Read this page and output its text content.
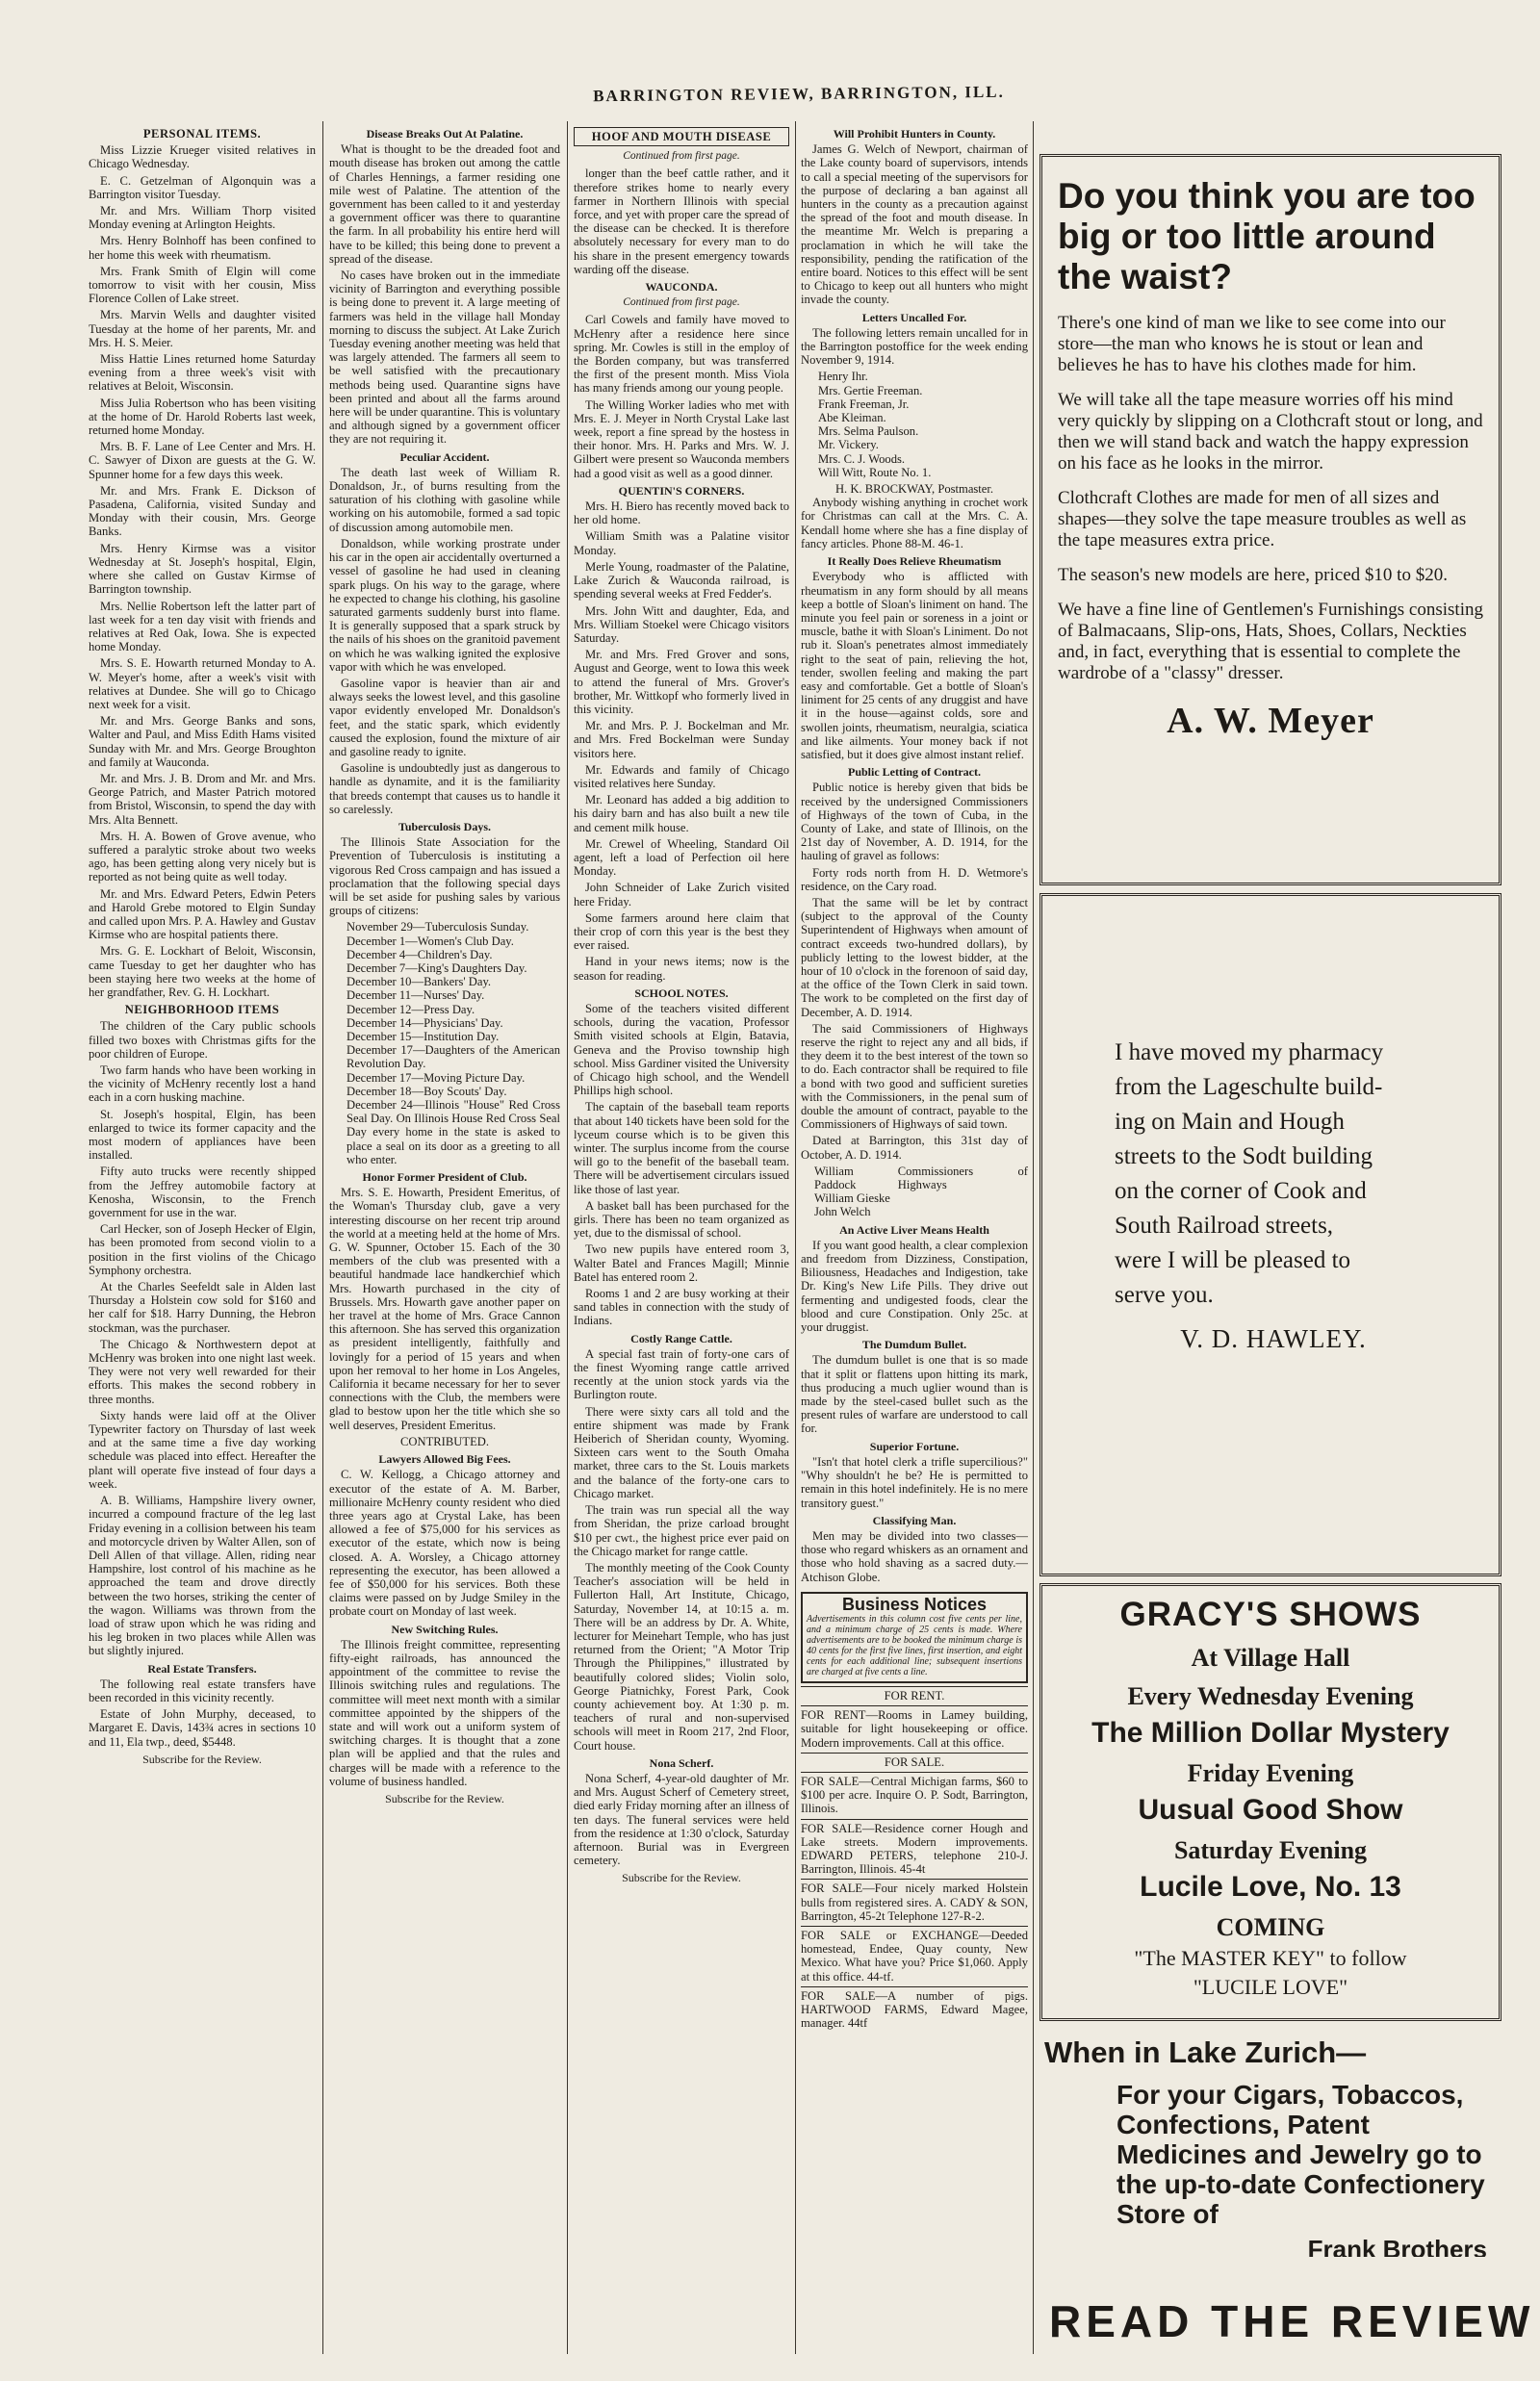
BARRINGTON REVIEW, BARRINGTON, ILL.
PERSONAL ITEMS.

Miss Lizzie Krueger visited relatives in Chicago Wednesday.

E. C. Getzelman of Algonquin was a Barrington visitor Tuesday.

Mr. and Mrs. William Thorp visited Monday evening at Arlington Heights.

Mrs. Henry Bolnhoff has been confined to her home this week with rheumatism.

Mrs. Frank Smith of Elgin will come tomorrow to visit with her cousin, Miss Florence Collen of Lake street.

Mrs. Marvin Wells and daughter visited Tuesday at the home of her parents, Mr. and Mrs. H. S. Meier.

Miss Hattie Lines returned home Saturday evening from a three week's visit with relatives at Beloit, Wisconsin.

Miss Julia Robertson who has been visiting at the home of Dr. Harold Roberts last week, returned home Monday.

Mrs. B. F. Lane of Lee Center and Mrs. H. C. Sawyer of Dixon are guests at the G. W. Spunner home for a few days this week.

Mr. and Mrs. Frank E. Dickson of Pasadena, California, visited Sunday and Monday with their cousin, Mrs. George Banks.

Mrs. Henry Kirmse was a visitor Wednesday at St. Joseph's hospital, Elgin, where she called on Gustav Kirmse of Barrington township.

Mrs. Nellie Robertson left the latter part of last week for a ten day visit with friends and relatives at Red Oak, Iowa. She is expected home Monday.

Mrs. S. E. Howarth returned Monday to A. W. Meyer's home, after a week's visit with relatives at Dundee. She will go to Chicago next week for a visit.

Mr. and Mrs. George Banks and sons, Walter and Paul, and Miss Edith Hams visited Sunday with Mr. and Mrs. George Broughton and family at Wauconda.

Mr. and Mrs. J. B. Drom and Mr. and Mrs. George Patrich, and Master Patrich motored from Bristol, Wisconsin, to spend the day with Mrs. Alta Bennett.

Mrs. H. A. Bowen of Grove avenue, who suffered a paralytic stroke about two weeks ago, has been getting along very nicely but is reported as not being quite as well today.

Mr. and Mrs. Edward Peters, Edwin Peters and Harold Grebe motored to Elgin Sunday and called upon Mrs. P. A. Hawley and Gustav Kirmse who are hospital patients there.

Mrs. G. E. Lockhart of Beloit, Wisconsin, came Tuesday to get her daughter who has been staying here two weeks at the home of her grandfather, Rev. G. H. Lockhart.

NEIGHBORHOOD ITEMS

The children of the Cary public schools filled two boxes with Christmas gifts for the poor children of Europe.

Two farm hands who have been working in the vicinity of McHenry recently lost a hand each in a corn husking machine.

St. Joseph's hospital, Elgin, has been enlarged to twice its former capacity and the most modern of appliances have been installed.

Fifty auto trucks were recently shipped from the Jeffrey automobile factory at Kenosha, Wisconsin, to the French government for use in the war.

Carl Hecker, son of Joseph Hecker of Elgin, has been promoted from second violin to a position in the first violins of the Chicago Symphony orchestra.

At the Charles Seefeldt sale in Alden last Thursday a Holstein cow sold for $160 and her calf for $18. Harry Dunning, the Hebron stockman, was the purchaser.

The Chicago & Northwestern depot at McHenry was broken into one night last week. They were not very well rewarded for their efforts. This makes the second robbery in three months.

Sixty hands were laid off at the Oliver Typewriter factory on Thursday of last week and at the same time a five day working schedule was placed into effect. Hereafter the plant will operate five instead of four days a week.

A. B. Williams, Hampshire livery owner, incurred a compound fracture of the leg last Friday evening in a collision between his team and motorcycle driven by Walter Allen, son of Dell Allen of that village. Allen, riding near Hampshire, lost control of his machine as he approached the team and drove directly between the two horses, striking the center of the wagon. Williams was thrown from the load of straw upon which he was riding and his leg broken in two places while Allen was but slightly injured.

Real Estate Transfers.

The following real estate transfers have been recorded in this vicinity recently.

Estate of John Murphy, deceased, to Margaret E. Davis, 143¾ acres in sections 10 and 11, Ela twp., deed, $5448.

Subscribe for the Review.
Disease Breaks Out At Palatine.

What is thought to be the dreaded foot and mouth disease has broken out among the cattle of Charles Hennings, a farmer residing one mile west of Palatine. The attention of the government has been called to it and yesterday a government officer was there to quarantine the farm. In all probability his entire herd will have to be killed; this being done to prevent a spread of the disease.

No cases have broken out in the immediate vicinity of Barrington and everything possible is being done to prevent it. A large meeting of farmers was held in the village hall Monday morning to discuss the subject. At Lake Zurich Tuesday evening another meeting was held that was largely attended. The farmers all seem to be well satisfied with the precautionary methods being used. Quarantine signs have been printed and about all the farms around here will be under quarantine. This is voluntary and although signed by a government officer they are not requiring it.

Peculiar Accident.

The death last week of William R. Donaldson, Jr., of burns resulting from the saturation of his clothing with gasoline while working on his automobile, formed a sad topic of discussion among automobile men.

Donaldson, while working prostrate under his car in the open air accidentally overturned a vessel of gasoline he had used in cleaning spark plugs. On his way to the garage, where he expected to change his clothing, his gasoline saturated garments suddenly burst into flame. It is generally supposed that a spark struck by the nails of his shoes on the granitoid pavement on which he was walking ignited the explosive vapor with which he was enveloped.

Gasoline vapor is heavier than air and always seeks the lowest level, and this gasoline vapor evidently enveloped Mr. Donaldson's feet, and the static spark, which evidently caused the explosion, found the mixture of air and gasoline ready to ignite.

Gasoline is undoubtedly just as dangerous to handle as dynamite, and it is the familiarity that breeds contempt that causes us to handle it so carelessly.

Tuberculosis Days.

The Illinois State Association for the Prevention of Tuberculosis is instituting a vigorous Red Cross campaign and has issued a proclamation that the following special days will be set aside for pushing sales by various groups of citizens:

November 29—Tuberculosis Sunday.
December 1—Women's Club Day.
December 4—Children's Day.
December 7—King's Daughters Day.
December 10—Bankers' Day.
December 11—Nurses' Day.
December 12—Press Day.
December 14—Physicians' Day.
December 15—Institution Day.
December 17—Daughters of the American Revolution Day.
December 17—Moving Picture Day.
December 18—Boy Scouts' Day.
December 24—Illinois "House" Red Cross Seal Day. On Illinois House Red Cross Seal Day every home in the state is asked to place a seal on its door as a greeting to all who enter.
Honor Former President of Club.

Mrs. S. E. Howarth, President Emeritus, of the Woman's Thursday club, gave a very interesting discourse on her recent trip around the world at a meeting held at the home of Mrs. G. W. Spunner, October 15. Each of the 30 members of the club was presented with a beautiful handmade lace handkerchief which Mrs. Howarth purchased in the city of Brussels. Mrs. Howarth gave another paper on her travel at the home of Mrs. Grace Cannon this afternoon. She has served this organization as president intelligently, faithfully and lovingly for a period of 15 years and when upon her removal to her home in Los Angeles, California it became necessary for her to sever connections with the Club, the members were glad to bestow upon her the title which she so well deserves, President Emeritus.

CONTRIBUTED.
Lawyers Allowed Big Fees.

C. W. Kellogg, a Chicago attorney and executor of the estate of A. M. Barber, millionaire McHenry county resident who died three years ago at Crystal Lake, has been allowed a fee of $75,000 for his services as executor of the estate, which now is being closed. A. A. Worsley, a Chicago attorney representing the executor, has been allowed a fee of $50,000 for his services. Both these claims were passed on by Judge Smiley in the probate court on Monday of last week.

New Switching Rules.

The Illinois freight committee, representing fifty-eight railroads, has announced the appointment of the committee to revise the Illinois switching rules and regulations. The committee will meet next month with a similar committee appointed by the shippers of the state and will work out a uniform system of switching charges. It is thought that a zone plan will be applied and that the rules and charges will be made with a reference to the volume of business handled.

Subscribe for the Review.
HOOF AND MOUTH DISEASE
Continued from first page.

longer than the beef cattle rather, and it therefore strikes home to nearly every farmer in Northern Illinois with special force, and yet with proper care the spread of the disease can be checked. It is therefore absolutely necessary for every man to do his share in the present emergency towards warding off the disease.

WAUCONDA.
Continued from first page.

Carl Cowels and family have moved to McHenry after a residence here since spring. Mr. Cowles is still in the employ of the Borden company, but was transferred the first of the present month. Miss Viola has many friends among our young people.

The Willing Worker ladies who met with Mrs. E. J. Meyer in North Crystal Lake last week, report a fine spread by the hostess in their honor. Mrs. H. Parks and Mrs. W. J. Gilbert were present so Wauconda members had a good visit as well as a good dinner.

QUENTIN'S CORNERS.

Mrs. H. Biero has recently moved back to her old home.

William Smith was a Palatine visitor Monday.

Merle Young, roadmaster of the Palatine, Lake Zurich & Wauconda railroad, is spending several weeks at Fred Fedder's.

Mrs. John Witt and daughter, Eda, and Mrs. William Stoekel were Chicago visitors Saturday.

Mr. and Mrs. Fred Grover and sons, August and George, went to Iowa this week to attend the funeral of Mrs. Grover's brother, Mr. Wittkopf who formerly lived in this vicinity.

Mr. and Mrs. P. J. Bockelman and Mr. and Mrs. Fred Bockelman were Sunday visitors here.

Mr. Edwards and family of Chicago visited relatives here Sunday.

Mr. Leonard has added a big addition to his dairy barn and has also built a new tile and cement milk house.

Mr. Crewel of Wheeling, Standard Oil agent, left a load of Perfection oil here Monday.

John Schneider of Lake Zurich visited here Friday.

Some farmers around here claim that their crop of corn this year is the best they ever raised.

Hand in your news items; now is the season for reading.

SCHOOL NOTES.

Some of the teachers visited different schools, during the vacation, Professor Smith visited schools at Elgin, Batavia, Geneva and the Proviso township high school. Miss Gardiner visited the University of Chicago high school, and the Wendell Phillips high school.

The captain of the baseball team reports that about 140 tickets have been sold for the lyceum course which is to be given this winter. The surplus income from the course will go to the benefit of the baseball team. There will be advertisement circulars issued like those of last year.

A basket ball has been purchased for the girls. There has been no team organized as yet, due to the dismissal of school.

Two new pupils have entered room 3, Walter Batel and Frances Magill; Minnie Batel has entered room 2.

Rooms 1 and 2 are busy working at their sand tables in connection with the study of Indians.

Costly Range Cattle.

A special fast train of forty-one cars of the finest Wyoming range cattle arrived recently at the union stock yards via the Burlington route.

There were sixty cars all told and the entire shipment was made by Frank Heiberich of Sheridan county, Wyoming. Sixteen cars went to the South Omaha market, three cars to the St. Louis markets and the balance of the forty-one cars to Chicago market.

The train was run special all the way from Sheridan, the prize carload brought $10 per cwt., the highest price ever paid on the Chicago market for range cattle.

The monthly meeting of the Cook County Teacher's association will be held in Fullerton Hall, Art Institute, Chicago, Saturday, November 14, at 10:15 a. m. There will be an address by Dr. A. White, lecturer for Meinehart Temple, who has just returned from the Orient; "A Motor Trip Through the Philippines," illustrated by beautifully colored slides; Violin solo, George Piatnichky, Forest Park, Cook county achievement boy. At 1:30 p. m. teachers of rural and non-supervised schools will meet in Room 217, 2nd Floor, Court house.

Nona Scherf.

Nona Scherf, 4-year-old daughter of Mr. and Mrs. August Scherf of Cemetery street, died early Friday morning after an illness of ten days. The funeral services were held from the residence at 1:30 o'clock, Saturday afternoon. Burial was in Evergreen cemetery.

Subscribe for the Review.
Will Prohibit Hunters in County.

James G. Welch of Newport, chairman of the Lake county board of supervisors, intends to call a special meeting of the supervisors for the purpose of declaring a ban against all hunters in the county as a precaution against the spread of the foot and mouth disease. In the meantime Mr. Welch is preparing a proclamation in which he will take the responsibility, pending the ratification of the entire board. Notices to this effect will be sent to Chicago to keep out all hunters who might invade the county.

Letters Uncalled For.

The following letters remain uncalled for in the Barrington postoffice for the week ending November 9, 1914.

Henry Ihr.
Mrs. Gertie Freeman.
Frank Freeman, Jr.
Abe Kleiman.
Mrs. Selma Paulson.
Mr. Vickery.
Mrs. C. J. Woods.
Will Witt, Route No. 1.
H. K. BROCKWAY, Postmaster.

Anybody wishing anything in crochet work for Christmas can call at the Mrs. C. A. Kendall home where she has a fine display of fancy articles. Phone 88-M. 46-1.

It Really Does Relieve Rheumatism

Everybody who is afflicted with rheumatism in any form should by all means keep a bottle of Sloan's liniment on hand. The minute you feel pain or soreness in a joint or muscle, bathe it with Sloan's Liniment. Do not rub it. Sloan's penetrates almost immediately right to the seat of pain, relieving the hot, tender, swollen feeling and making the part easy and comfortable. Get a bottle of Sloan's liniment for 25 cents of any druggist and have it in the house—against colds, sore and swollen joints, rheumatism, neuralgia, sciatica and like ailments. Your money back if not satisfied, but it does give almost instant relief.

Public Letting of Contract.

Public notice is hereby given that bids be received by the undersigned Commissioners of Highways of the town of Cuba, in the County of Lake, and state of Illinois, on the 21st day of November, A. D. 1914, for the hauling of gravel as follows:

Forty rods north from H. D. Wetmore's residence, on the Cary road.

That the same will be let by contract (subject to the approval of the County Superintendent of Highways when amount of contract exceeds two-hundred dollars), by publicly letting to the lowest bidder, at the hour of 10 o'clock in the forenoon of said day, at the office of the Town Clerk in said town. The work to be completed on the first day of December, A. D. 1914.

The said Commissioners of Highways reserve the right to reject any and all bids, if they deem it to the best interest of the town so to do. Each contractor shall be required to file a bond with two good and sufficient sureties with the Commissioners, in the penal sum of double the amount of contract, payable to the Commissioners of Highways of said town.

Dated at Barrington, this 31st day of October, A. D. 1914.

William Paddock
William Gieske
John Welch
Commissioners of Highways
An Active Liver Means Health

If you want good health, a clear complexion and freedom from Dizziness, Constipation, Biliousness, Headaches and Indigestion, take Dr. King's New Life Pills. They drive out fermenting and undigested foods, clear the blood and cure Constipation. Only 25c. at your druggist.

The Dumdum Bullet.

The dumdum bullet is one that is so made that it split or flattens upon hitting its mark, thus producing a much uglier wound than is made by the steel-cased bullet such as the present rules of warfare are understood to call for.

Superior Fortune.

"Isn't that hotel clerk a trifle supercilious?" "Why shouldn't he be? He is permitted to remain in this hotel indefinitely. He is no mere transitory guest."

Classifying Man.

Men may be divided into two classes—those who regard whiskers as an ornament and those who hold shaving as a sacred duty.—Atchison Globe.

Business Notices
Advertisements in this column cost five cents per line, and a minimum charge of 25 cents is made. Where advertisements are to be booked the minimum charge is 40 cents for the first five lines, first insertion, and eight cents for each additional line; subsequent insertions are charged at five cents a line.
FOR RENT.
FOR RENT—Rooms in Lamey building, suitable for light housekeeping or office. Modern improvements. Call at this office.
FOR SALE.
FOR SALE—Central Michigan farms, $60 to $100 per acre. Inquire O. P. Sodt, Barrington, Illinois.
FOR SALE—Residence corner Hough and Lake streets. Modern improvements. EDWARD PETERS, telephone 210-J. Barrington, Illinois. 45-4t
FOR SALE—Four nicely marked Holstein bulls from registered sires. A. CADY & SON, Barrington, 45-2t Telephone 127-R-2.
FOR SALE or EXCHANGE—Deeded homestead, Endee, Quay county, New Mexico. What have you? Price $1,060. Apply at this office. 44-tf.
FOR SALE—A number of pigs. HARTWOOD FARMS, Edward Magee, manager. 44tf
Do you think you are too big or too little around the waist?

There's one kind of man we like to see come into our store—the man who knows he is stout or lean and believes he has to have his clothes made for him.

We will take all the tape measure worries off his mind very quickly by slipping on a Clothcraft stout or long, and then we will stand back and watch the happy expression on his face as he looks in the mirror.

Clothcraft Clothes are made for men of all sizes and shapes—they solve the tape measure troubles as well as the tape measures extra price.

The season's new models are here, priced $10 to $20.

We have a fine line of Gentlemen's Furnishings consisting of Balmacaans, Slip-ons, Hats, Shoes, Collars, Neckties and, in fact, everything that is essential to complete the wardrobe of a "classy" dresser.

A. W. Meyer
I have moved my pharmacy
from the Lageschulte build-
ing on Main and Hough
streets to the Sodt building
on the corner of Cook and
South Railroad streets,
were I will be pleased to
serve you.
V. D. HAWLEY.
GRACY'S SHOWS
At Village Hall
Every Wednesday Evening
The Million Dollar Mystery
Friday Evening
Uusual Good Show
Saturday Evening
Lucile Love, No. 13
COMING
"The MASTER KEY" to follow
"LUCILE LOVE"
When in Lake Zurich—
For your Cigars, Tobaccos, Confections, Patent Medicines and Jewelry go to the up-to-date Confectionery Store of
Frank Brothers
READ THE REVIEW
